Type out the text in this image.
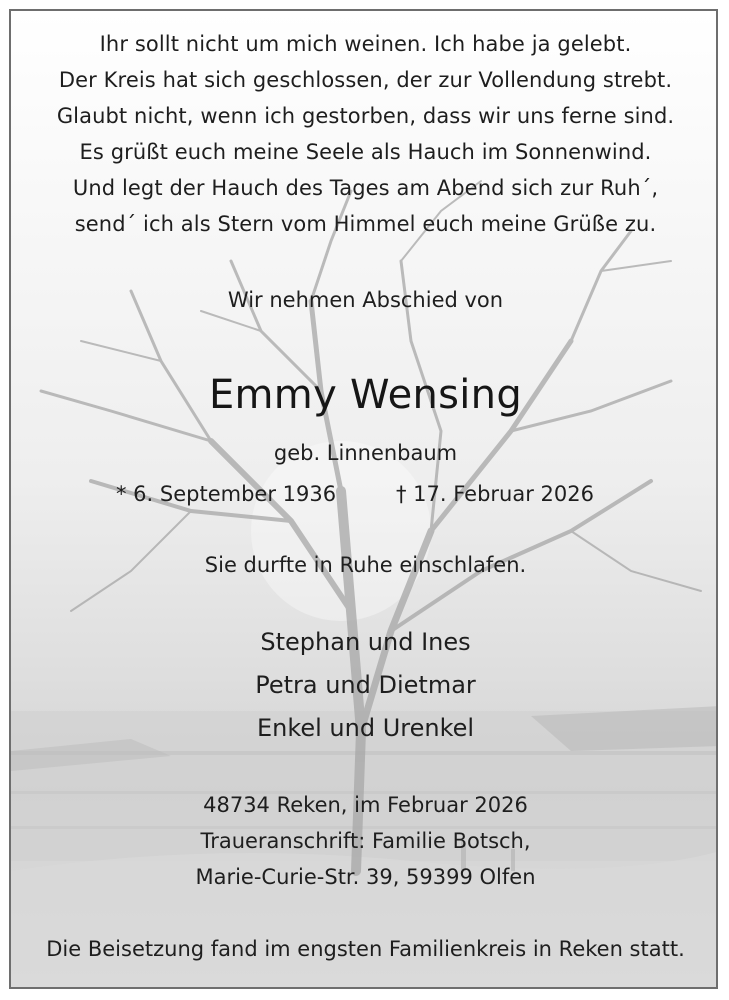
Ihr sollt nicht um mich weinen. Ich habe ja gelebt.

Der Kreis hat sich geschlossen, der zur Vollendung strebt.

Glaubt nicht, wenn ich gestorben, dass wir uns ferne sind.

Es grüßt euch meine Seele als Hauch im Sonnenwind.

Und legt der Hauch des Tages am Abend sich zur Ruh´,

send´ ich als Stern vom Himmel euch meine Grüße zu.

Wir nehmen Abschied von

Emmy Wensing

geb. Linnenbaum

* 6. September 1936	† 17. Februar 2026

Sie durfte in Ruhe einschlafen.

Stephan und Ines

Petra und Dietmar

Enkel und Urenkel

48734 Reken, im Februar 2026

Traueranschrift: Familie Botsch,

Marie-Curie-Str. 39, 59399 Olfen

Die Beisetzung fand im engsten Familienkreis in Reken statt.
